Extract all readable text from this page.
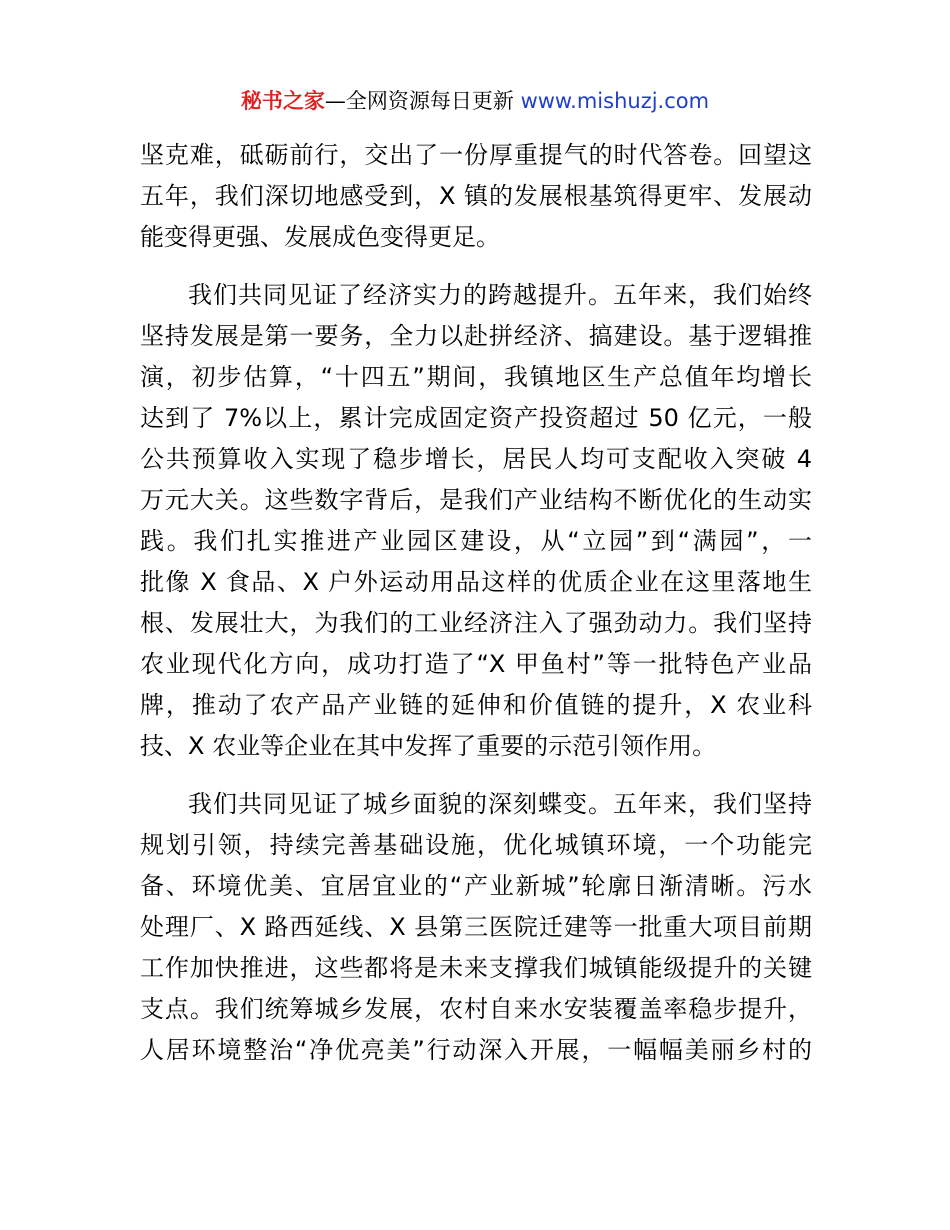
秘书之家—全网资源每日更新 www.mishuzj.com
坚克难，砥砺前行，交出了一份厚重提气的时代答卷。回望这
五年，我们深切地感受到，X 镇的发展根基筑得更牢、发展动
能变得更强、发展成色变得更足。
我们共同见证了经济实力的跨越提升。五年来，我们始终
坚持发展是第一要务，全力以赴拼经济、搞建设。基于逻辑推
演，初步估算，“十四五”期间，我镇地区生产总值年均增长
达到了 7%以上，累计完成固定资产投资超过 50 亿元，一般
公共预算收入实现了稳步增长，居民人均可支配收入突破 4
万元大关。这些数字背后，是我们产业结构不断优化的生动实
践。我们扎实推进产业园区建设，从“立园”到“满园”，一
批像 X 食品、X 户外运动用品这样的优质企业在这里落地生
根、发展壮大，为我们的工业经济注入了强劲动力。我们坚持
农业现代化方向，成功打造了“X 甲鱼村”等一批特色产业品
牌，推动了农产品产业链的延伸和价值链的提升，X 农业科
技、X 农业等企业在其中发挥了重要的示范引领作用。
我们共同见证了城乡面貌的深刻蝶变。五年来，我们坚持
规划引领，持续完善基础设施，优化城镇环境，一个功能完
备、环境优美、宜居宜业的“产业新城”轮廓日渐清晰。污水
处理厂、X 路西延线、X 县第三医院迁建等一批重大项目前期
工作加快推进，这些都将是未来支撑我们城镇能级提升的关键
支点。我们统筹城乡发展，农村自来水安装覆盖率稳步提升，
人居环境整治“净优亮美”行动深入开展，一幅幅美丽乡村的
